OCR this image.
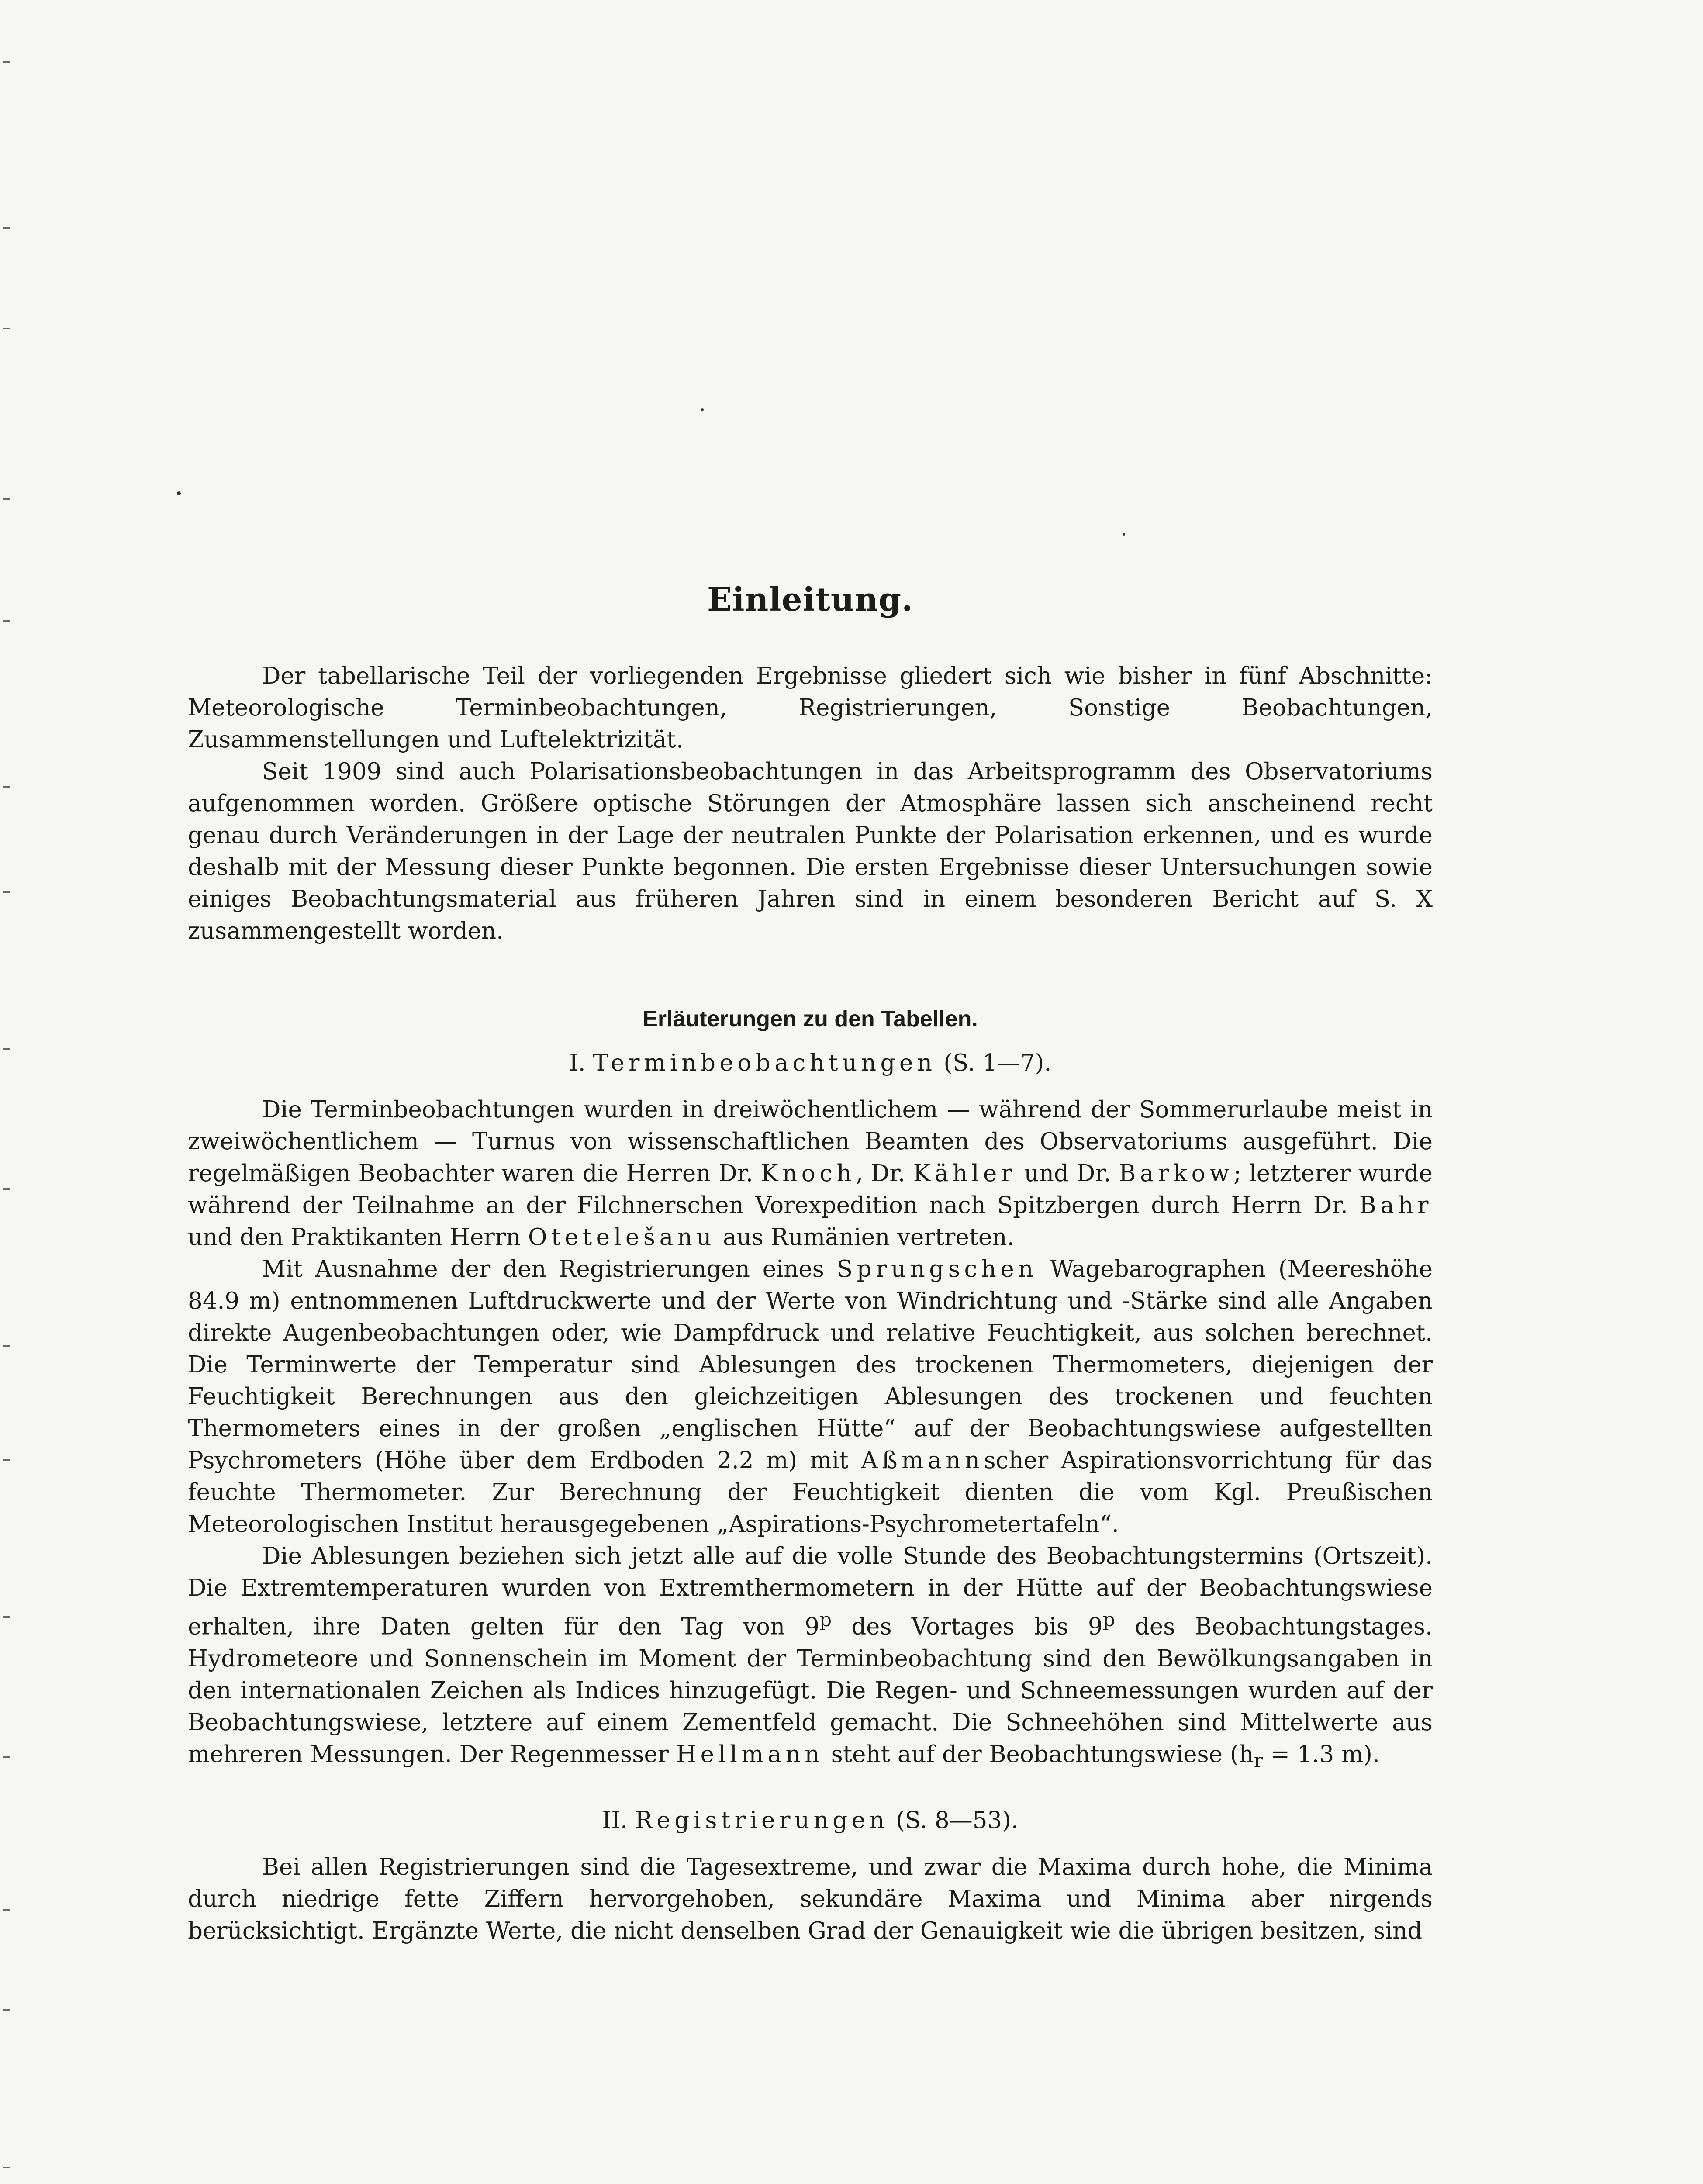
Einleitung.

Der tabellarische Teil der vorliegenden Ergebnisse gliedert sich wie bisher in fünf Abschnitte: Meteorologische Terminbeobachtungen, Registrierungen, Sonstige Beobachtungen, Zusammenstellungen und Luftelektrizität.

Seit 1909 sind auch Polarisationsbeobachtungen in das Arbeitsprogramm des Observatoriums aufgenommen worden. Größere optische Störungen der Atmosphäre lassen sich anscheinend recht genau durch Veränderungen in der Lage der neutralen Punkte der Polarisation erkennen, und es wurde deshalb mit der Messung dieser Punkte begonnen. Die ersten Ergebnisse dieser Untersuchungen sowie einiges Beobachtungsmaterial aus früheren Jahren sind in einem besonderen Bericht auf S. X zusammengestellt worden.

Erläuterungen zu den Tabellen.
I. Terminbeobachtungen (S. 1—7).

Die Terminbeobachtungen wurden in dreiwöchentlichem — während der Sommerurlaube meist in zweiwöchentlichem — Turnus von wissenschaftlichen Beamten des Observatoriums ausgeführt. Die regelmäßigen Beobachter waren die Herren Dr. Knoch, Dr. Kähler und Dr. Barkow; letzterer wurde während der Teilnahme an der Filchnerschen Vorexpedition nach Spitzbergen durch Herrn Dr. Bahr und den Praktikanten Herrn Otetelešanu aus Rumänien vertreten.

Mit Ausnahme der den Registrierungen eines Sprungschen Wagebarographen (Meereshöhe 84.9 m) entnommenen Luftdruckwerte und der Werte von Windrichtung und -Stärke sind alle Angaben direkte Augenbeobachtungen oder, wie Dampfdruck und relative Feuchtigkeit, aus solchen berechnet. Die Terminwerte der Temperatur sind Ablesungen des trockenen Thermometers, diejenigen der Feuchtigkeit Berechnungen aus den gleichzeitigen Ablesungen des trockenen und feuchten Thermometers eines in der großen „englischen Hütte“ auf der Beobachtungswiese aufgestellten Psychrometers (Höhe über dem Erdboden 2.2 m) mit Aßmannscher Aspirationsvorrichtung für das feuchte Thermometer. Zur Berechnung der Feuchtigkeit dienten die vom Kgl. Preußischen Meteorologischen Institut herausgegebenen „Aspirations-Psychrometertafeln“.

Die Ablesungen beziehen sich jetzt alle auf die volle Stunde des Beobachtungstermins (Ortszeit). Die Extremtemperaturen wurden von Extremthermometern in der Hütte auf der Beobachtungswiese erhalten, ihre Daten gelten für den Tag von 9$^p$ des Vortages bis 9$^p$ des Beobachtungstages. Hydrometeore und Sonnenschein im Moment der Terminbeobachtung sind den Bewölkungsangaben in den internationalen Zeichen als Indices hinzugefügt. Die Regen- und Schneemessungen wurden auf der Beobachtungswiese, letztere auf einem Zementfeld gemacht. Die Schneehöhen sind Mittelwerte aus mehreren Messungen. Der Regenmesser Hellmann steht auf der Beobachtungswiese ($h_r = 1.3$ m).

II. Registrierungen (S. 8—53).

Bei allen Registrierungen sind die Tagesextreme, und zwar die Maxima durch hohe, die Minima durch niedrige fette Ziffern hervorgehoben, sekundäre Maxima und Minima aber nirgends berücksichtigt. Ergänzte Werte, die nicht denselben Grad der Genauigkeit wie die übrigen besitzen, sind
